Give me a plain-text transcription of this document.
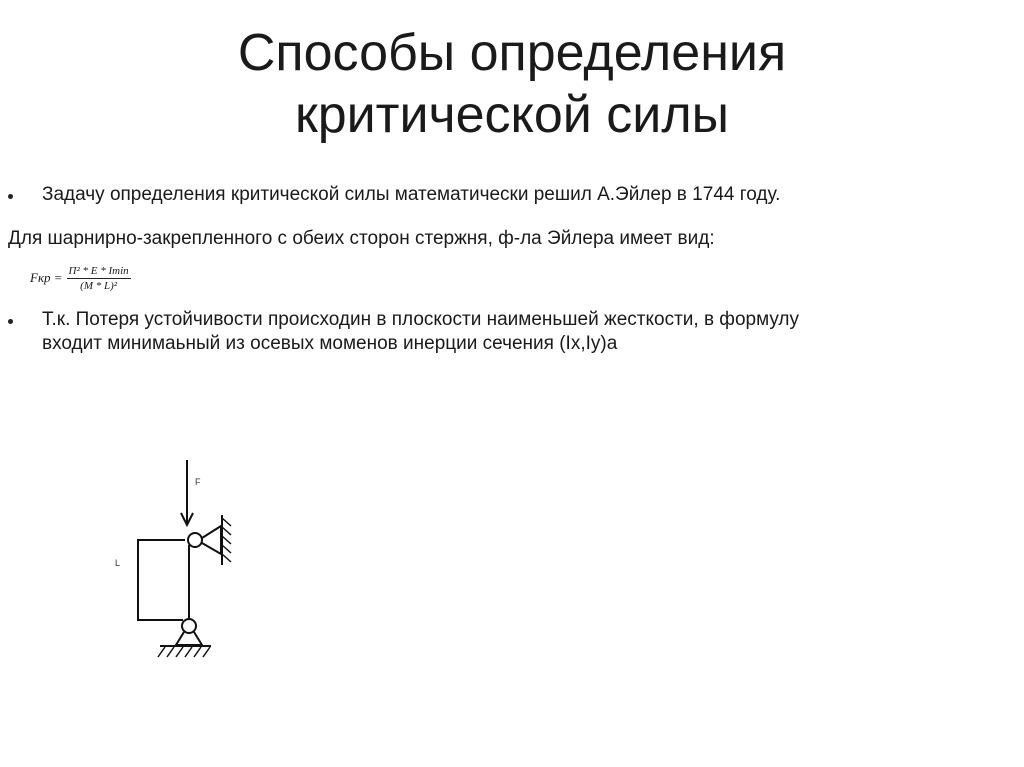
Способы определения
критической силы
Задачу определения критической силы математически решил А.Эйлер в 1744 году.
Для шарнирно-закрепленного с обеих сторон стержня, ф-ла Эйлера имеет вид:
Fкр = $\frac{\text{Π² * E * Imin}}{\text{(M * L)²}}$
Т.к. Потеря устойчивости происходин в плоскости наименьшей жесткости, в формулу
входит минимаьный из осевых моменов инерции сечения (Ix,Iy)а
F
L
